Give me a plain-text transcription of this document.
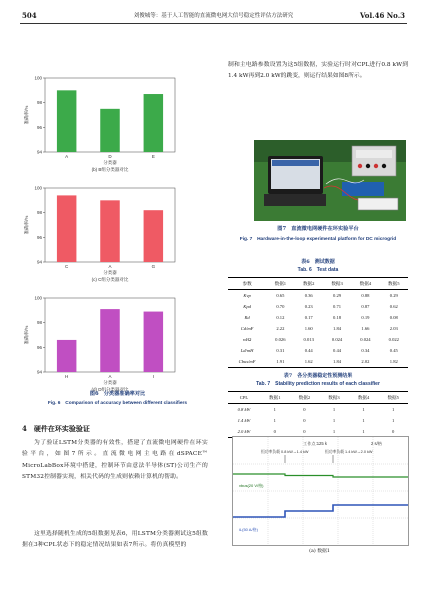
504	刘俊城等：基于人工智能的直流微电网大信号稳定性评估方法研究	Vol.46 No.3
94
96
98
100
准确率/%
A	D	E
分类器
(b) B组分类器对比
94
96
98
100
准确率/%
C	A	G
分类器
(c) C组分类器对比
94
96
98
100
准确率/%
H	A	I
分类器
(d) D组分类器对比
图6　分类器准确率对比
Fig. 6　Comparison of accuracy between different classifiers
4　硬件在环实验验证
为了验证LSTM分类器的有效性，搭建了直流微电网硬件在环实验平台，如图7所示。直流微电网主电路在dSPACE™ MicroLabBox环境中搭建，控制环节由意法半导体(ST)公司生产的STM32控制器实现，相关代码的生成则依赖计算机的帮助。
这里选择随机生成的5组数据见表6，用LSTM分类器测试这5组数据在3种CPL状态下的稳定情况结果如表7所示。将仿真模型的
制和主电路参数设置为这5组数据，实验运行时对CPL进行0.8 kW到1.4 kW再到2.0 kW的跳变，则运行结果如图8所示。
图7　直流微电网硬件在环实验平台
Fig. 7　Hardware-in-the-loop experimental platform for DC microgrid
表6　测试数据
Tab. 6　Test data
参数	数据1	数据2	数据3	数据4	数据5
Kvp	0.65	0.36	0.29	0.88	0.29
Kpd	0.70	0.23	0.71	0.87	0.62
Rd	0.12	0.17	0.18	0.19	0.08
Cd/mF	2.22	1.60	1.84	1.66	2.03
rd/Ω	0.026	0.013	0.024	0.024	0.022
Ld/mH	0.31	0.44	0.44	0.34	0.45
Cbus/mF	1.91	1.62	1.84	2.02	1.82
表7　各分类器稳定性预测结果
Tab. 7　Stability prediction results of each classifier
CPL	数据1	数据2	数据3	数据4	数据5
0.8 kW	1	0	1	1	1
1.4 kW	1	0	1	1	1
2.0 kW	0	0	1	1	0
工作点:125 k	2 s/格
恒功率负载 0.8 kW→1.4 kW	恒功率负载 1.4 kW→2.0 kW
vbus(20 V/格)
iL(50 A/格)
(a) 数据1
